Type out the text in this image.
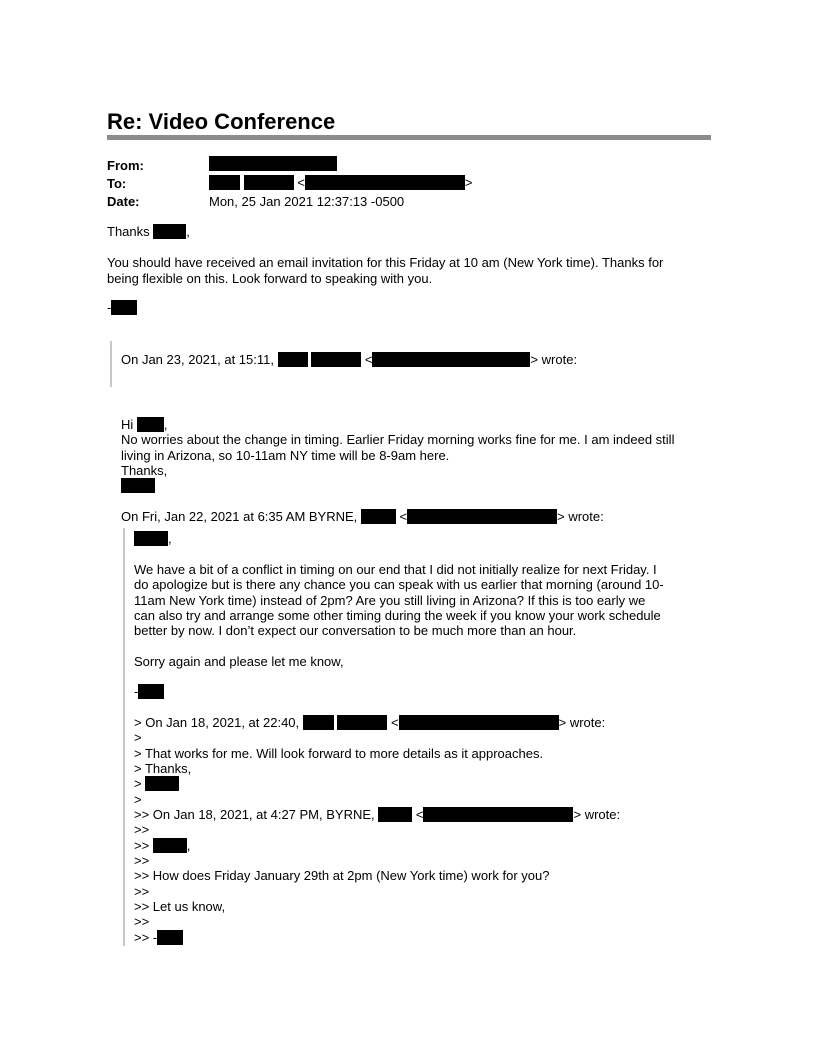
Re: Video Conference
From:
To:	<	>
Date:	Mon, 25 Jan 2021 12:37:13 -0500
Thanks	,
You should have received an email invitation for this Friday at 10 am (New York time). Thanks for
being flexible on this. Look forward to speaking with you.
-
On Jan 23, 2021, at 15:11,	<	> wrote:
Hi ,
No worries about the change in timing. Earlier Friday morning works fine for me. I am indeed still
living in Arizona, so 10-11am NY time will be 8-9am here.
Thanks,
On Fri, Jan 22, 2021 at 6:35 AM BYRNE,	<	> wrote:
,
We have a bit of a conflict in timing on our end that I did not initially realize for next Friday. I
do apologize but is there any chance you can speak with us earlier that morning (around 10-
11am New York time) instead of 2pm? Are you still living in Arizona? If this is too early we
can also try and arrange some other timing during the week if you know your work schedule
better by now. I don’t expect our conversation to be much more than an hour.
Sorry again and please let me know,
-
> On Jan 18, 2021, at 22:40,	<	> wrote:
>
> That works for me. Will look forward to more details as it approaches.
> Thanks,
>
>
>> On Jan 18, 2021, at 4:27 PM, BYRNE,	<	> wrote:
>>
>>	,
>>
>> How does Friday January 29th at 2pm (New York time) work for you?
>>
>> Let us know,
>>
>> -
